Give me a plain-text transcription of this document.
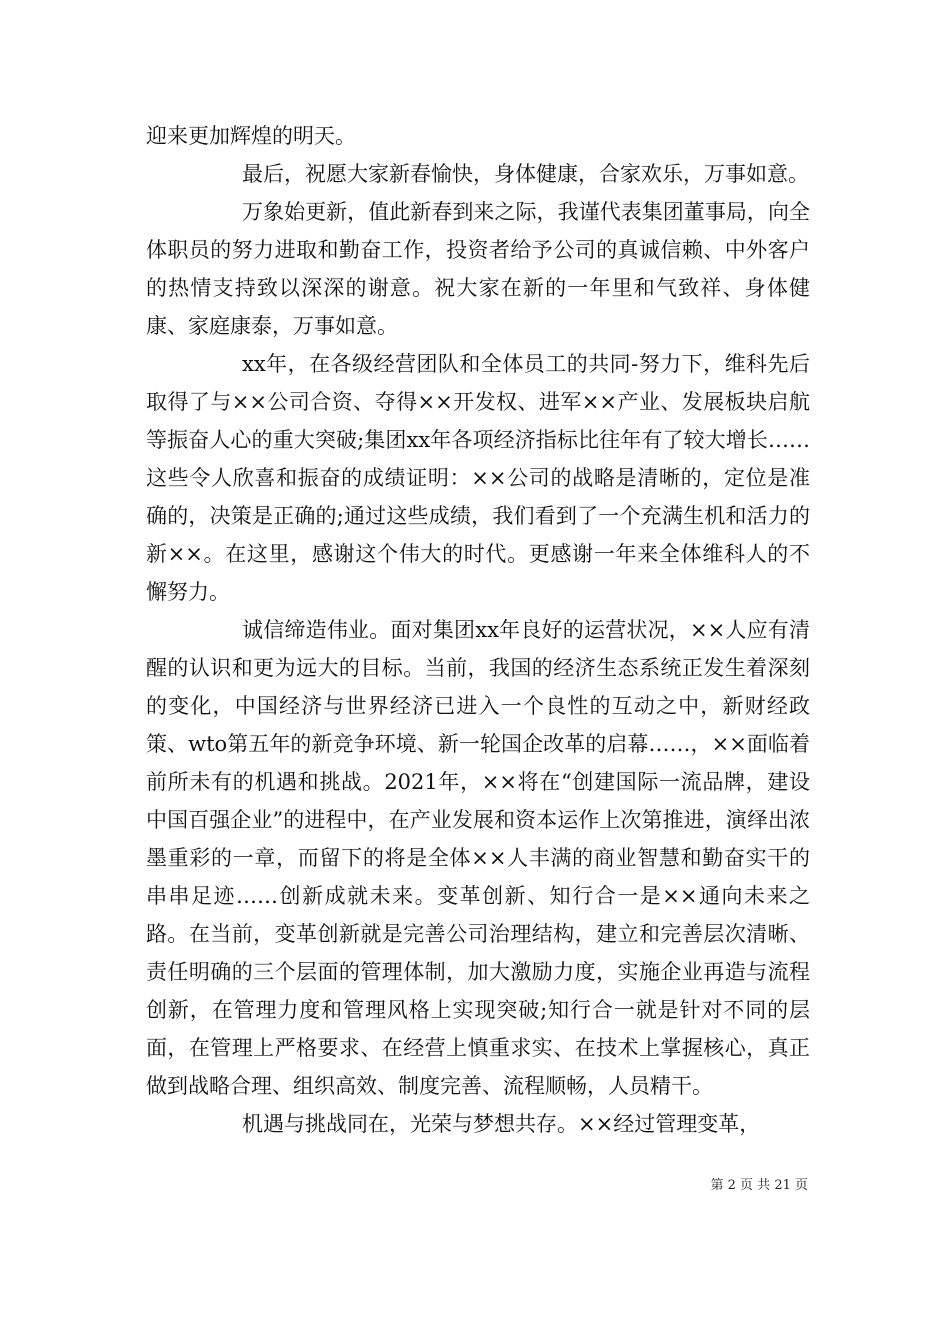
迎来更加辉煌的明天。

最后，祝愿大家新春愉快，身体健康，合家欢乐，万事如意。

万象始更新，值此新春到来之际，我谨代表集团董事局，向全体职员的努力进取和勤奋工作，投资者给予公司的真诚信赖、中外客户的热情支持致以深深的谢意。祝大家在新的一年里和气致祥、身体健康、家庭康泰，万事如意。

xx年，在各级经营团队和全体员工的共同-努力下，维科先后取得了与××公司合资、夺得××开发权、进军××产业、发展板块启航等振奋人心的重大突破;集团xx年各项经济指标比往年有了较大增长……这些令人欣喜和振奋的成绩证明：××公司的战略是清晰的，定位是准确的，决策是正确的;通过这些成绩，我们看到了一个充满生机和活力的新××。在这里，感谢这个伟大的时代。更感谢一年来全体维科人的不懈努力。

诚信缔造伟业。面对集团xx年良好的运营状况，××人应有清醒的认识和更为远大的目标。当前，我国的经济生态系统正发生着深刻的变化，中国经济与世界经济已进入一个良性的互动之中，新财经政策、wto第五年的新竞争环境、新一轮国企改革的启幕……，××面临着前所未有的机遇和挑战。2021年，××将在“创建国际一流品牌，建设中国百强企业”的进程中，在产业发展和资本运作上次第推进，演绎出浓墨重彩的一章，而留下的将是全体××人丰满的商业智慧和勤奋实干的串串足迹……创新成就未来。变革创新、知行合一是××通向未来之路。在当前，变革创新就是完善公司治理结构，建立和完善层次清晰、责任明确的三个层面的管理体制，加大激励力度，实施企业再造与流程创新，在管理力度和管理风格上实现突破;知行合一就是针对不同的层面，在管理上严格要求、在经营上慎重求实、在技术上掌握核心，真正做到战略合理、组织高效、制度完善、流程顺畅，人员精干。

机遇与挑战同在，光荣与梦想共存。××经过管理变革，

第 2 页 共 21 页
